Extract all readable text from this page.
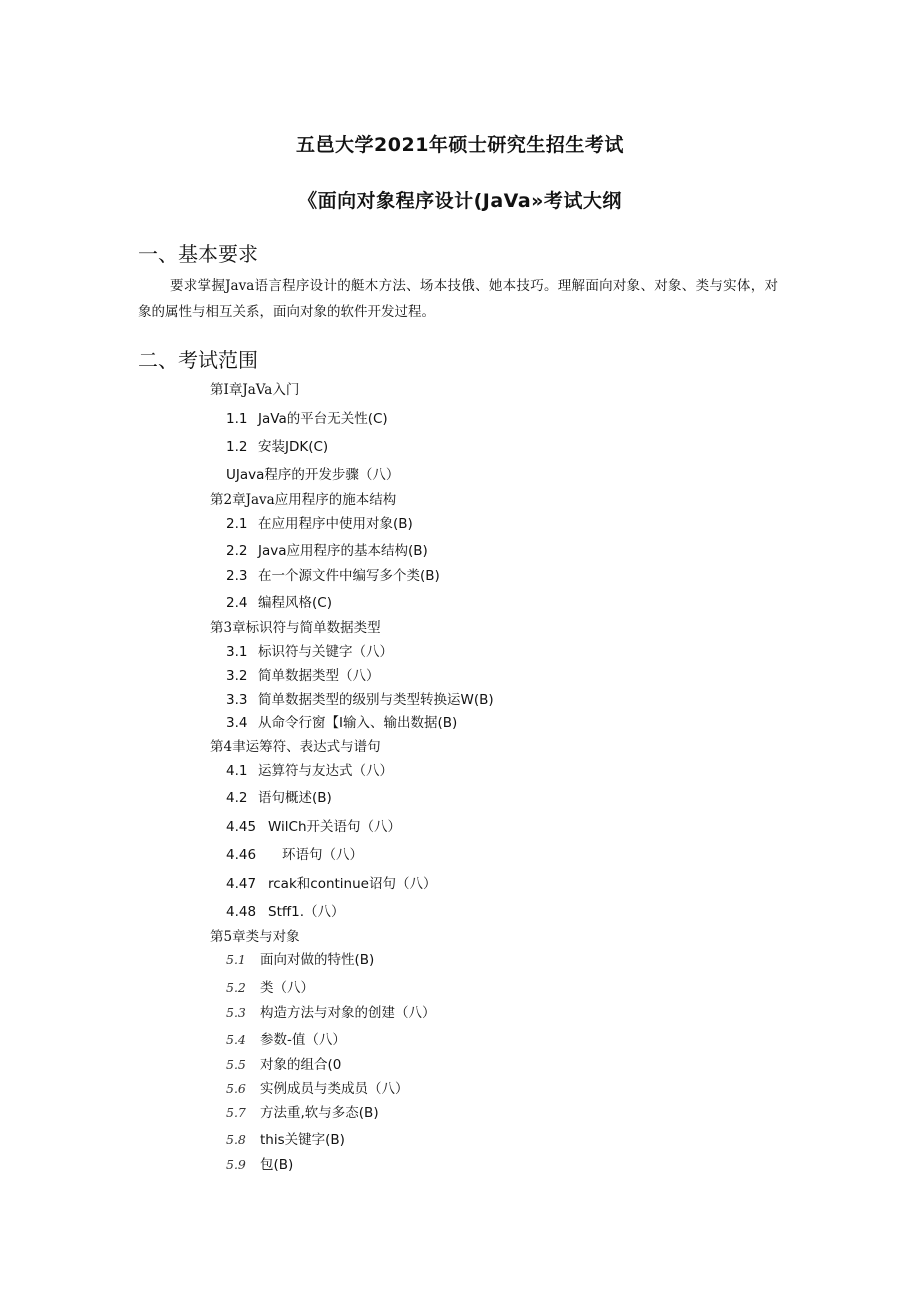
五邑大学2021年硕士研究生招生考试
《面向对象程序设计(JaVa»考试大纲
一、基本要求
要求掌握Java语言程序设计的艇木方法、场本技俄、她本技巧。理解面向对象、对象、类与实体，对象的属性与相互关系，面向对象的软件开发过程。
二、考试范围
第I章JaVa入门
1.1 JaVa的平台无关性(C)
1.2 安装JDK(C)
UJava程序的开发步骤（八）
第2章Java应用程序的施本结构
2.1 在应用程序中使用对象(B)
2.2 Java应用程序的基本结构(B)
2.3 在一个源文件中编写多个类(B)
2.4 编程风格(C)
第3章标识符与简单数据类型
3.1 标识符与关键字（八）
3.2 简单数据类型（八）
3.3 简单数据类型的级别与类型转换运W(B)
3.4 从命令行窗【I输入、输出数据(B)
第4聿运筹符、表达式与谱句
4.1 运算符与友达式（八）
4.2 语句概述(B)
4.45 WilCh开关语句（八）
4.46 环语句（八）
4.47 rcak和continue诏句（八）
4.48 Stff1.（八）
第5章类与对象
5.1 面向对做的特性(B)
5.2 类（八）
5.3 构造方法与对象的创建（八）
5.4 参数-值（八）
5.5 对象的组合(0
5.6 实例成员与类成员（八）
5.7 方法重,软与多态(B)
5.8 this关键字(B)
5.9 包(B)
